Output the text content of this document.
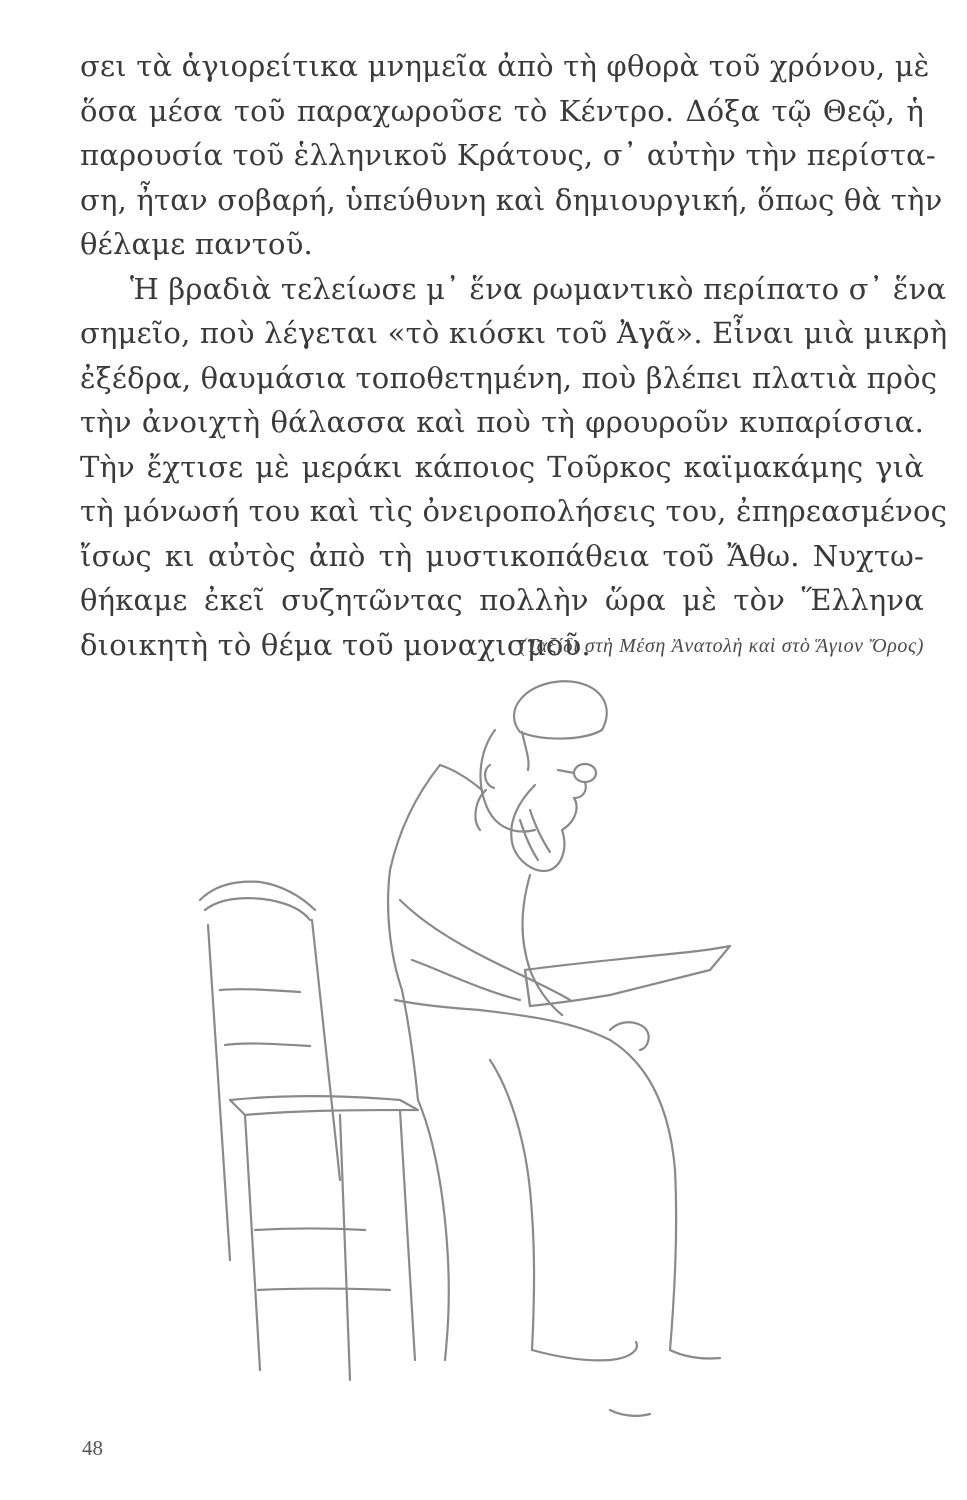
σει τὰ ἁγιορείτικα μνημεῖα ἀπὸ τὴ φθορὰ τοῦ χρόνου, μὲ
ὅσα μέσα τοῦ παραχωροῦσε τὸ Κέντρο. Δόξα τῷ Θεῷ, ἡ
παρουσία τοῦ ἑλληνικοῦ Κράτους, σ᾽ αὐτὴν τὴν περίστα-
ση, ἦταν σοβαρή, ὑπεύθυνη καὶ δημιουργική, ὅπως θὰ τὴν
θέλαμε παντοῦ.
Ἡ βραδιὰ τελείωσε μ᾽ ἕνα ρωμαντικὸ περίπατο σ᾽ ἕνα
σημεῖο, ποὺ λέγεται «τὸ κιόσκι τοῦ Ἀγᾶ». Εἶναι μιὰ μικρὴ
ἐξέδρα, θαυμάσια τοποθετημένη, ποὺ βλέπει πλατιὰ πρὸς
τὴν ἀνοιχτὴ θάλασσα καὶ ποὺ τὴ φρουροῦν κυπαρίσσια.
Τὴν ἔχτισε μὲ μεράκι κάποιος Τοῦρκος καϊμακάμης γιὰ
τὴ μόνωσή του καὶ τὶς ὀνειροπολήσεις του, ἐπηρεασμένος
ἴσως κι αὐτὸς ἀπὸ τὴ μυστικοπάθεια τοῦ Ἄθω. Νυχτω-
θήκαμε ἐκεῖ συζητῶντας πολλὴν ὥρα μὲ τὸν Ἕλληνα
διοικητὴ τὸ θέμα τοῦ μοναχισμοῦ.
(Ταξίδι στὴ Μέση Ἀνατολὴ καὶ στὸ Ἅγιον Ὄρος)
48
